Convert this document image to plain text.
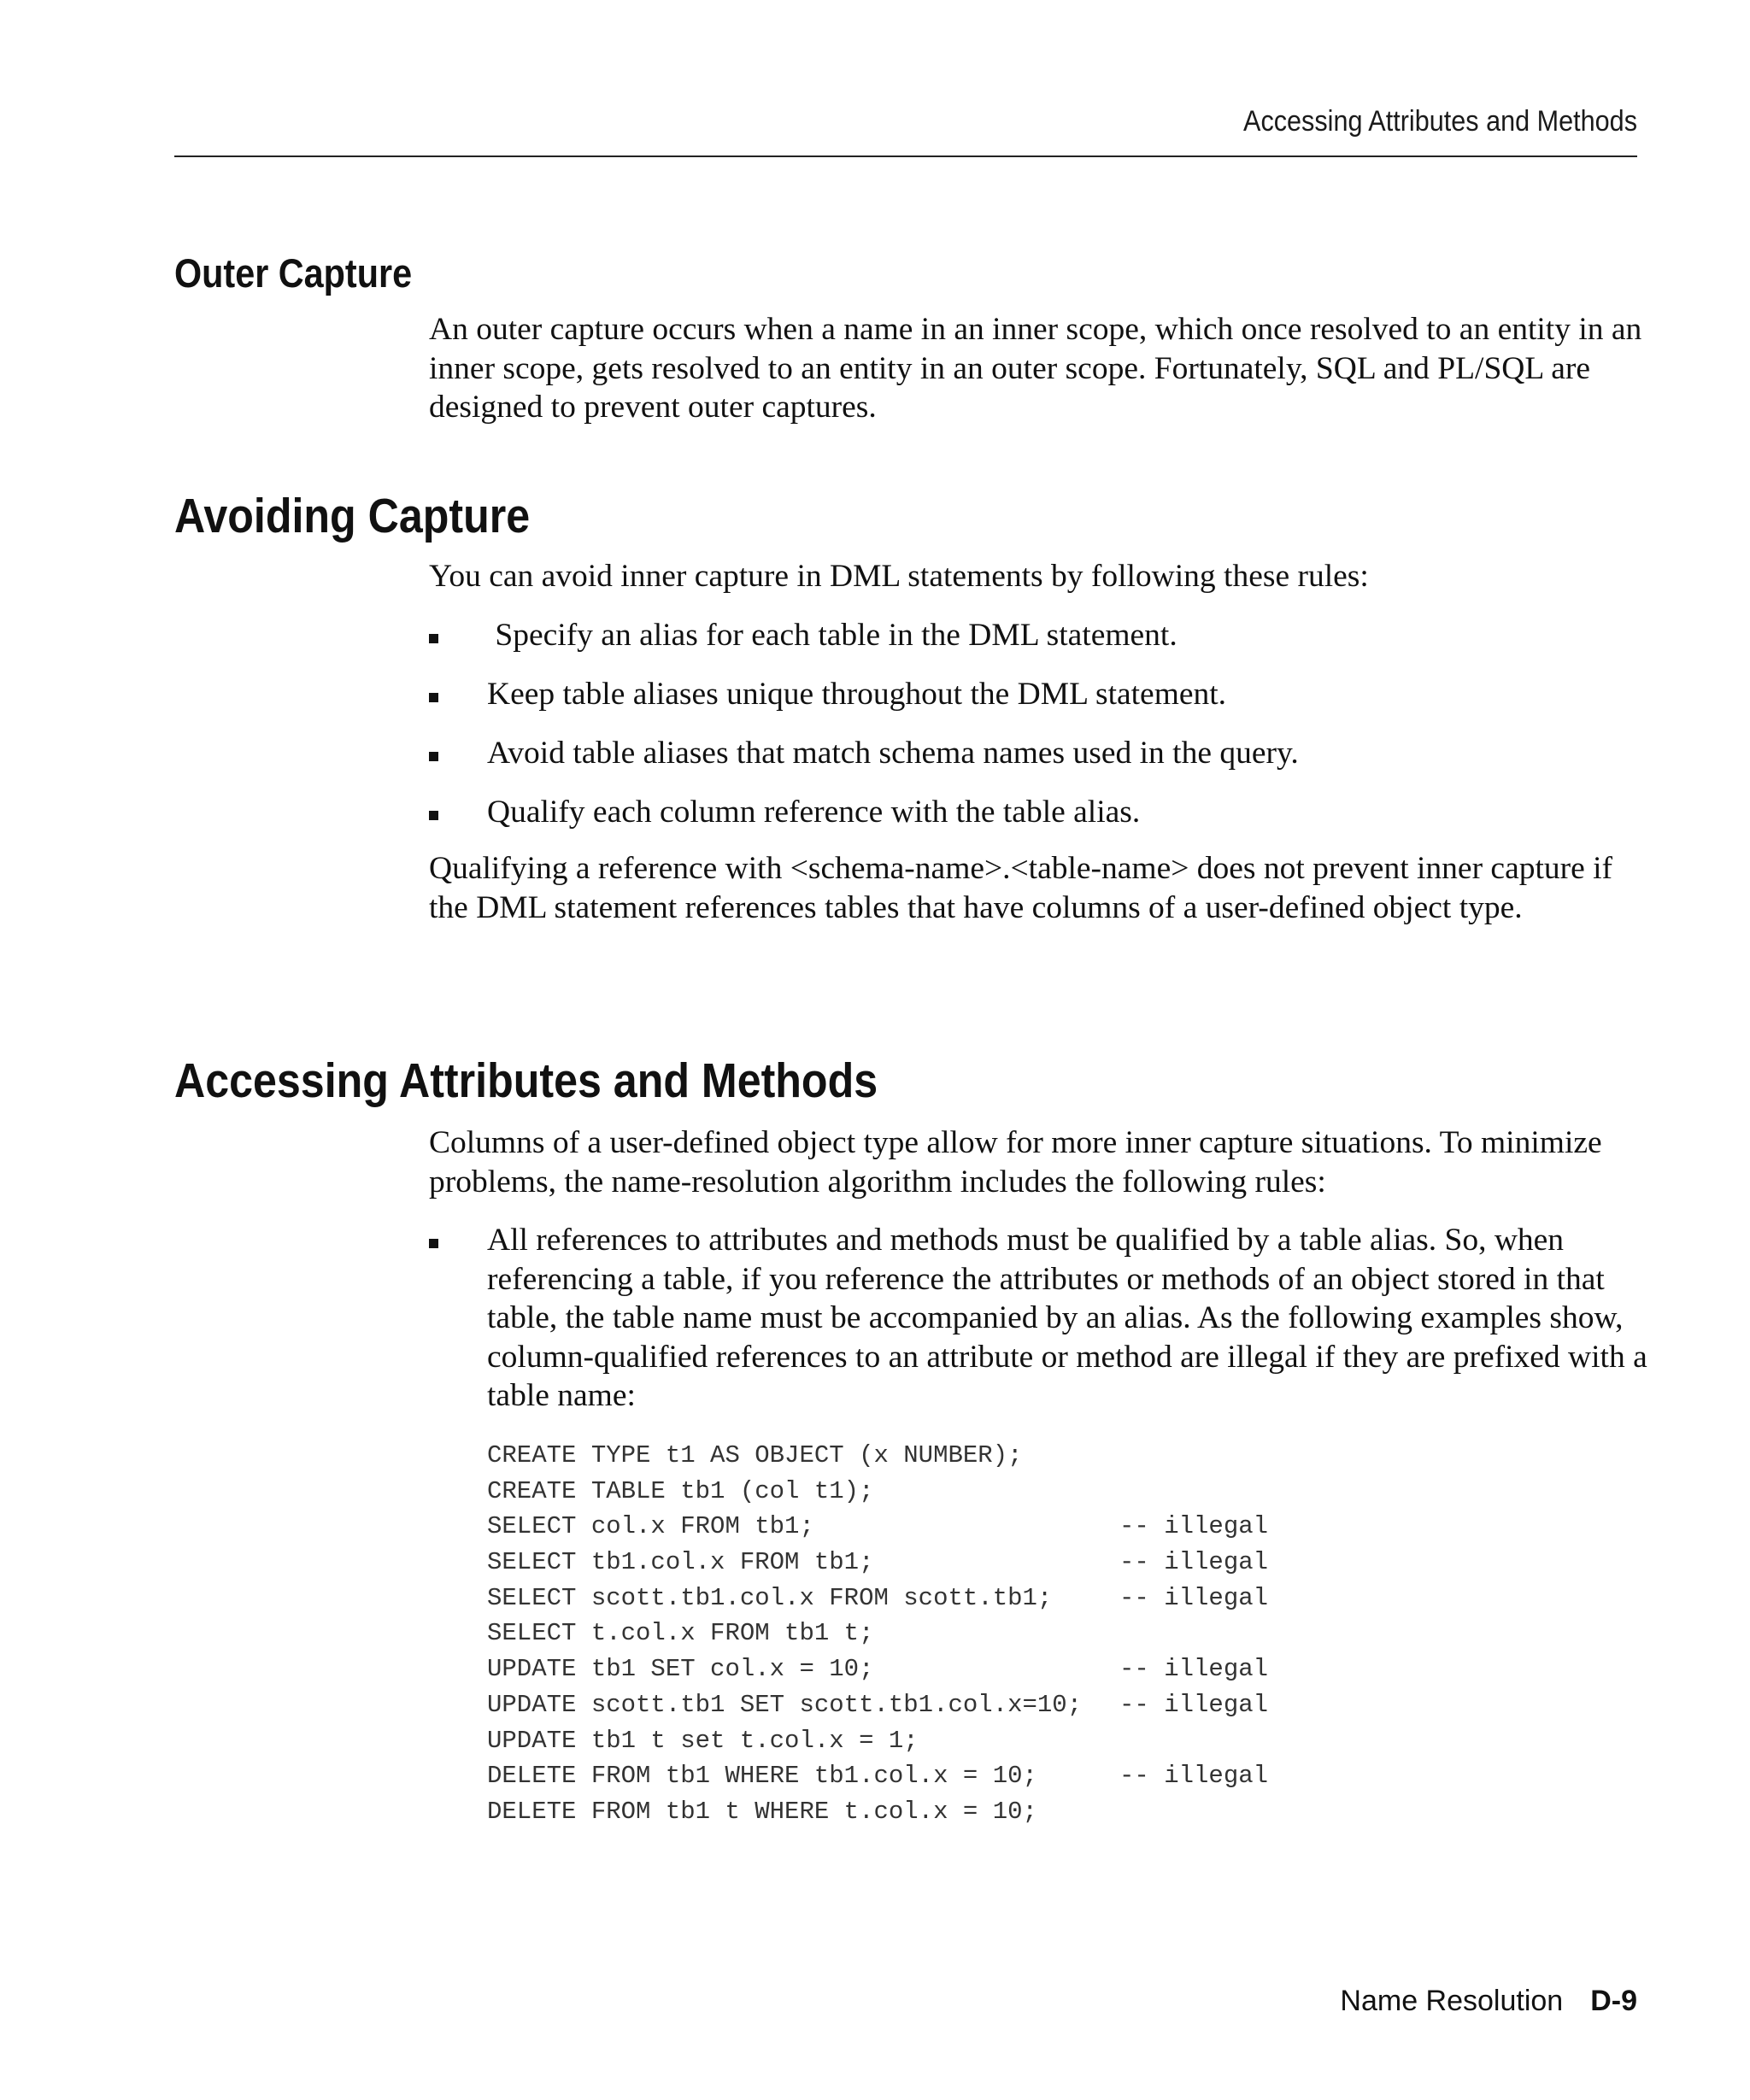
Accessing Attributes and Methods
Outer Capture

An outer capture occurs when a name in an inner scope, which once resolved to an entity in an inner scope, gets resolved to an entity in an outer scope. Fortunately, SQL and PL/SQL are designed to prevent outer captures.

Avoiding Capture

You can avoid inner capture in DML statements by following these rules:

Specify an alias for each table in the DML statement.
Keep table aliases unique throughout the DML statement.
Avoid table aliases that match schema names used in the query.
Qualify each column reference with the table alias.

Qualifying a reference with <schema-name>.<table-name> does not prevent inner capture if the DML statement references tables that have columns of a user-defined object type.

Accessing Attributes and Methods

Columns of a user-defined object type allow for more inner capture situations. To minimize problems, the name-resolution algorithm includes the following rules:

All references to attributes and methods must be qualified by a table alias. So, when referencing a table, if you reference the attributes or methods of an object stored in that table, the table name must be accompanied by an alias. As the following examples show, column-qualified references to an attribute or method are illegal if they are prefixed with a table name:
CREATE TYPE t1 AS OBJECT (x NUMBER);
CREATE TABLE tb1 (col t1);
SELECT col.x FROM tb1;	-- illegal
SELECT tb1.col.x FROM tb1;	-- illegal
SELECT scott.tb1.col.x FROM scott.tb1;	-- illegal
SELECT t.col.x FROM tb1 t;
UPDATE tb1 SET col.x = 10;	-- illegal
UPDATE scott.tb1 SET scott.tb1.col.x=10; -- illegal
UPDATE tb1 t set t.col.x = 1;
DELETE FROM tb1 WHERE tb1.col.x = 10;	-- illegal
DELETE FROM tb1 t WHERE t.col.x = 10;
Name Resolution D-9
